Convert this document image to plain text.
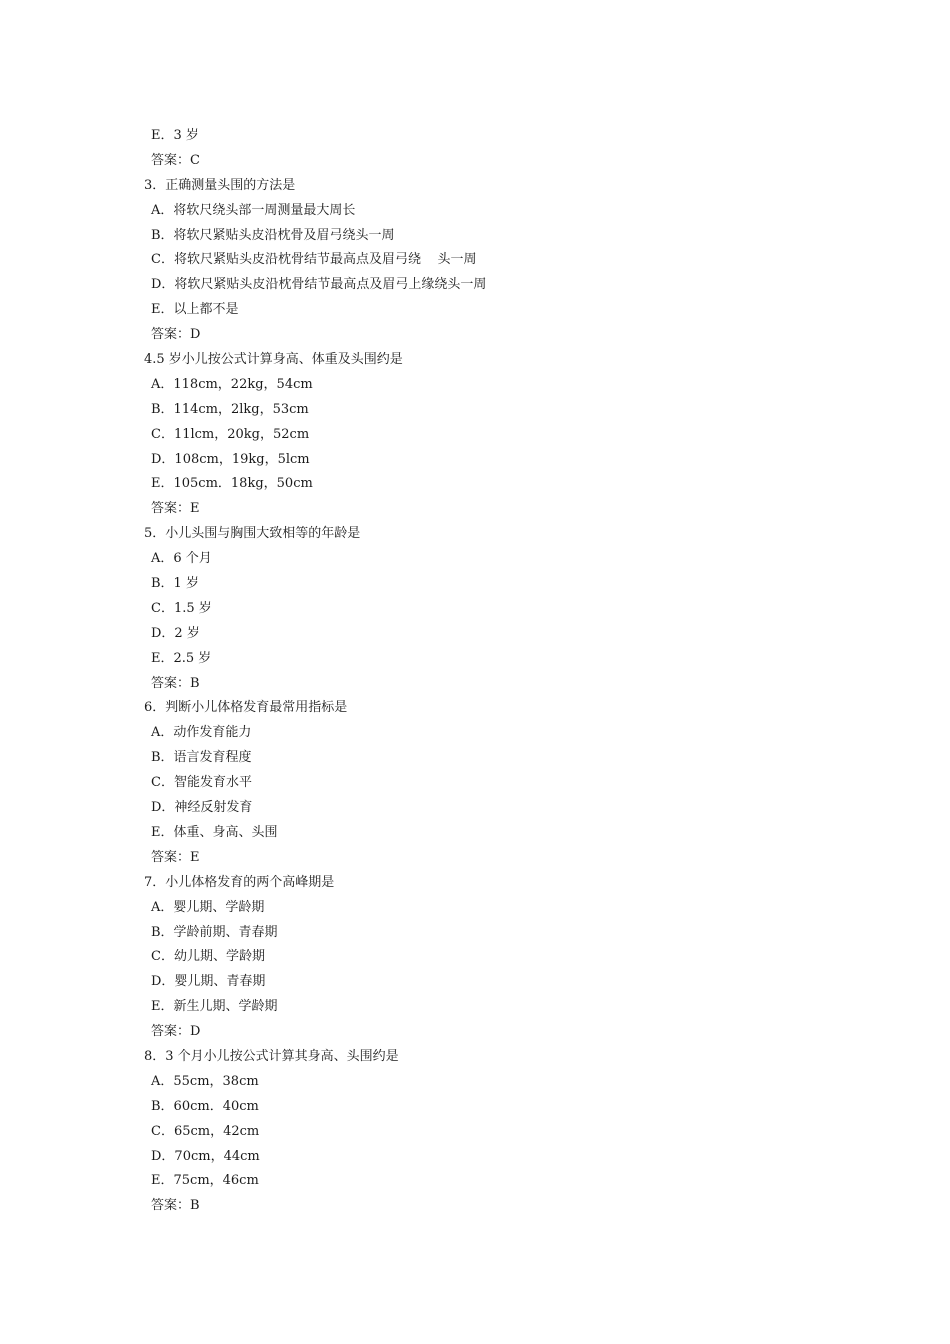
E．3 岁
答案：C
3．正确测量头围的方法是
A．将软尺绕头部一周测量最大周长
B．将软尺紧贴头皮沿枕骨及眉弓绕头一周
C．将软尺紧贴头皮沿枕骨结节最高点及眉弓绕    头一周
D．将软尺紧贴头皮沿枕骨结节最高点及眉弓上缘绕头一周
E．以上都不是
答案：D
4.5 岁小儿按公式计算身高、体重及头围约是
A．118cm，22kg，54cm
B．114cm，2lkg，53cm
C．11lcm，20kg，52cm
D．108cm，19kg，5lcm
E．105cm．18kg，50cm
答案：E
5．小儿头围与胸围大致相等的年龄是
A．6 个月
B．1 岁
C．1.5 岁
D．2 岁
E．2.5 岁
答案：B
6．判断小儿体格发育最常用指标是
A．动作发育能力
B．语言发育程度
C．智能发育水平
D．神经反射发育
E．体重、身高、头围
答案：E
7．小儿体格发育的两个高峰期是
A．婴儿期、学龄期
B．学龄前期、青春期
C．幼儿期、学龄期
D．婴儿期、青春期
E．新生儿期、学龄期
答案：D
8．3 个月小儿按公式计算其身高、头围约是
A．55cm，38cm
B．60cm．40cm
C．65cm，42cm
D．70cm，44cm
E．75cm，46cm
答案：B
